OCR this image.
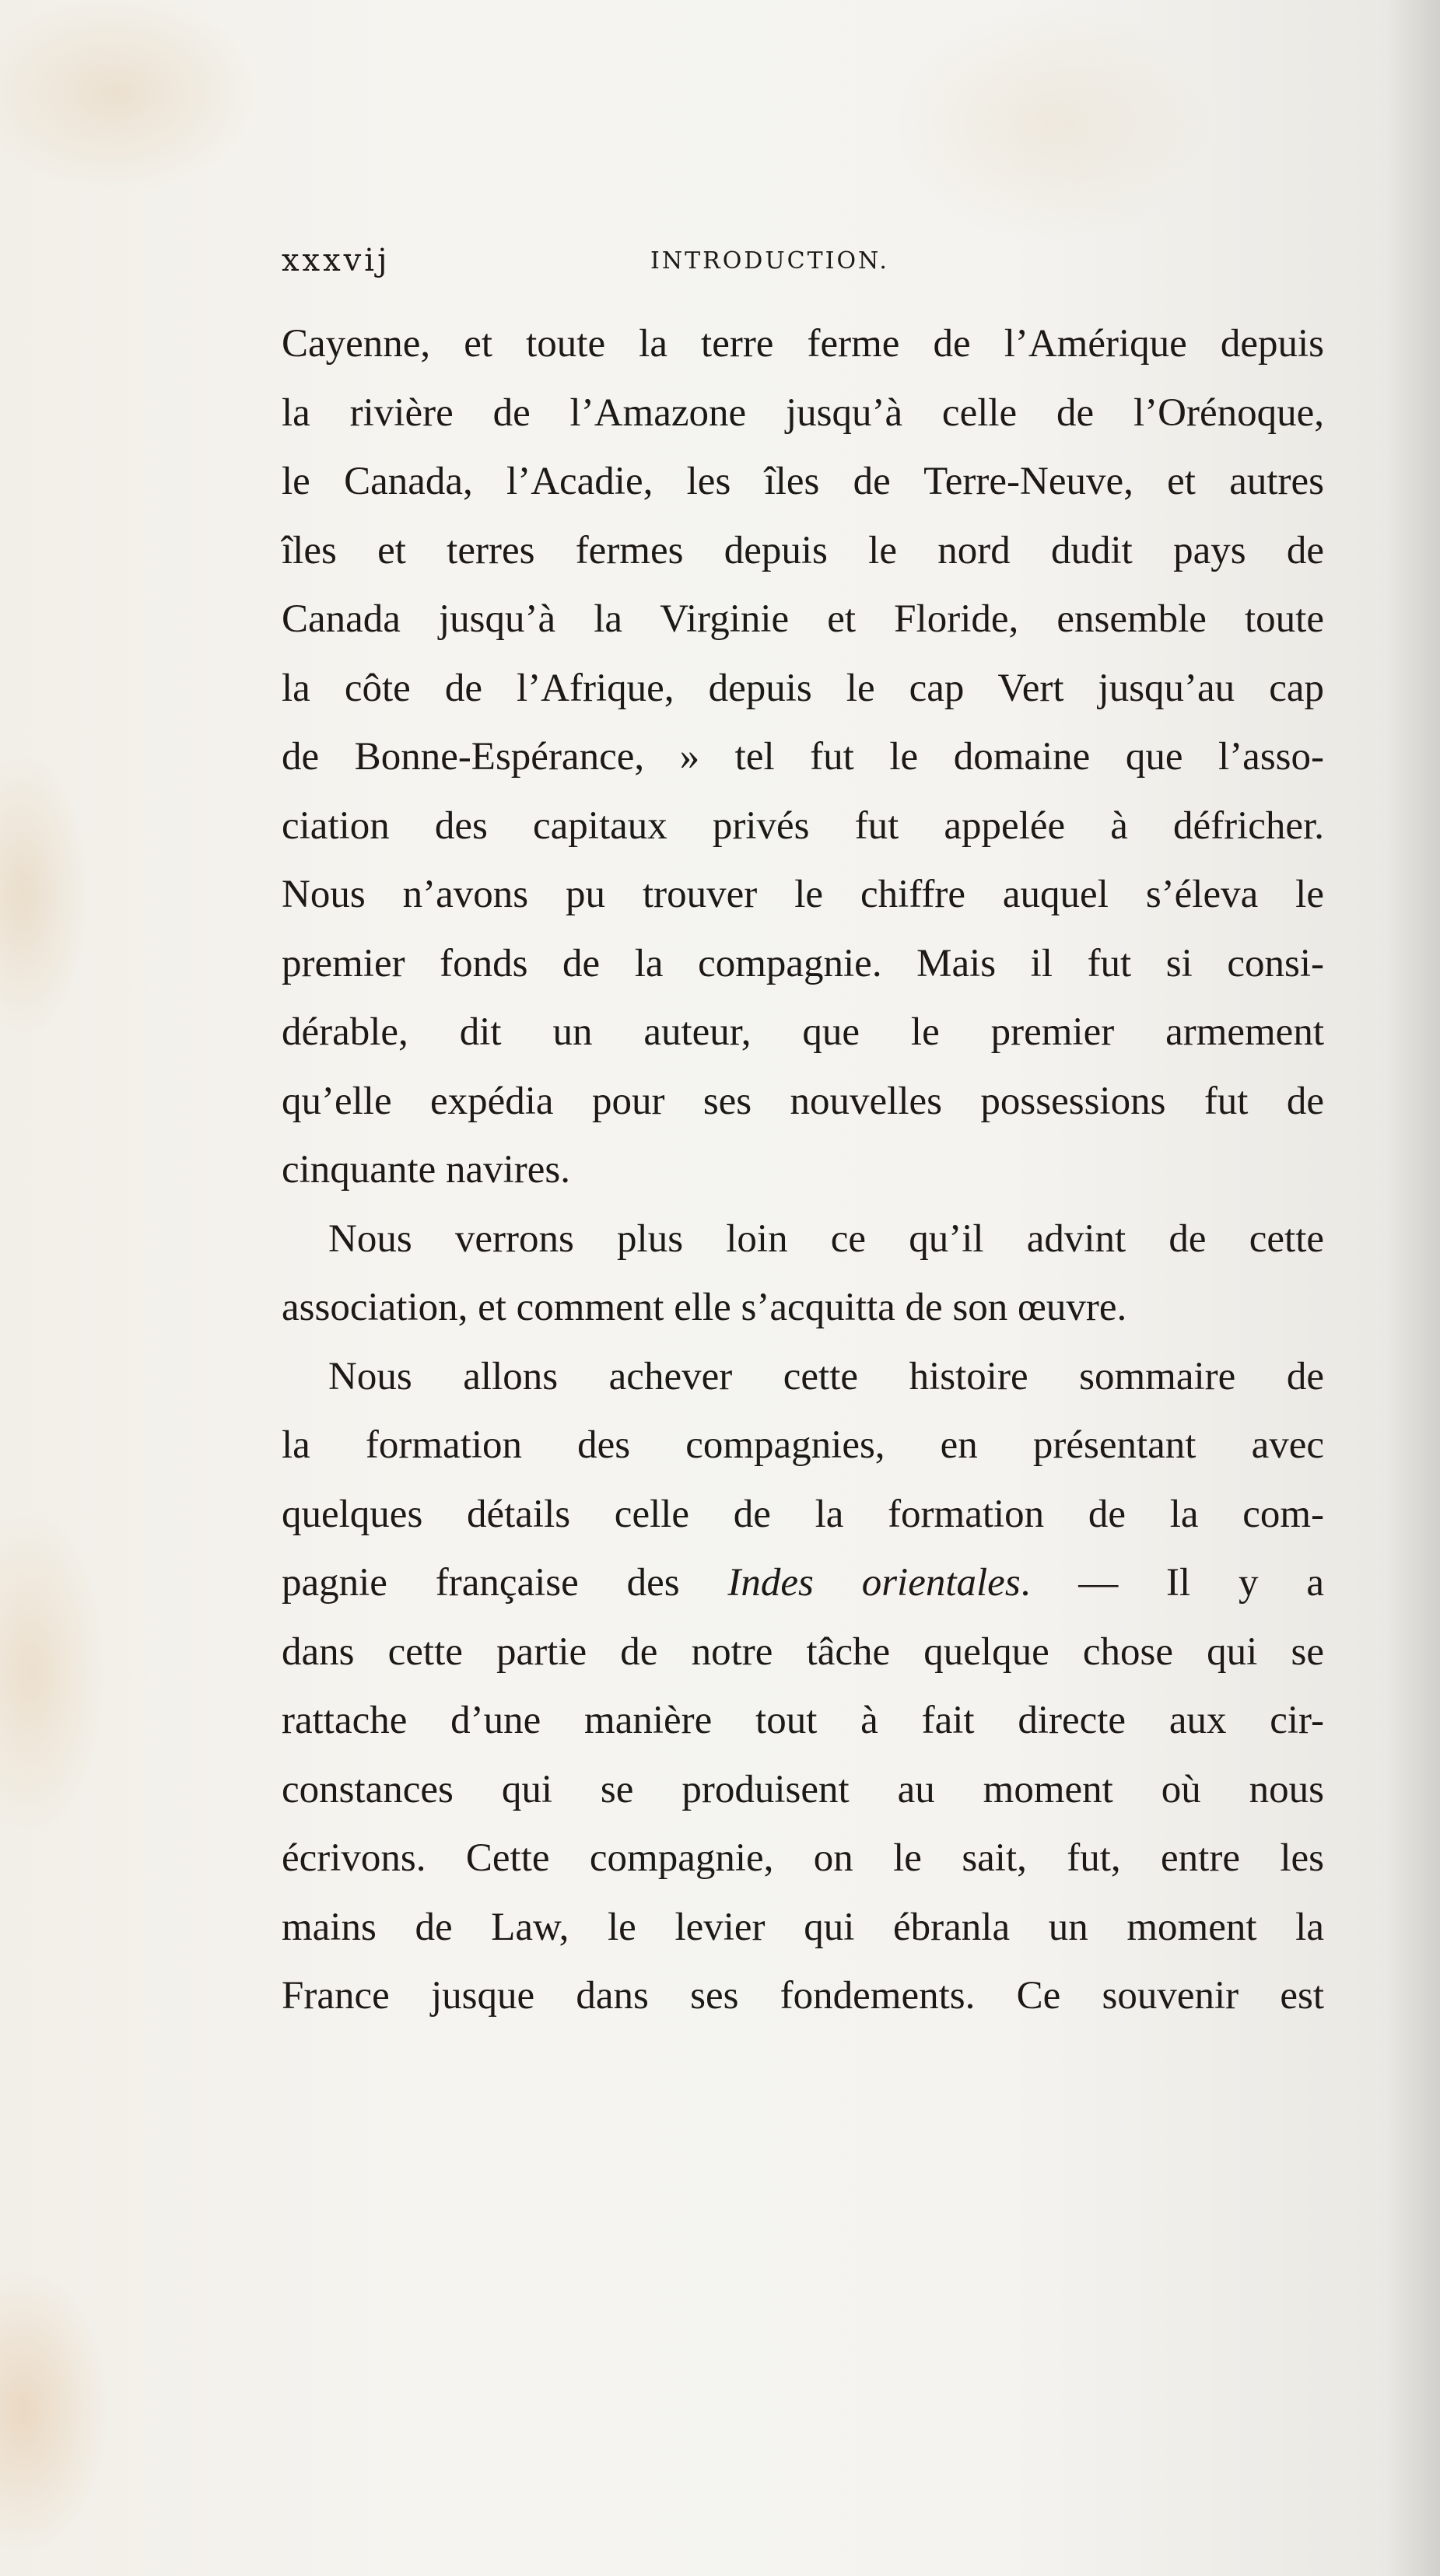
xxxvij	INTRODUCTION.
Cayenne, et toute la terre ferme de l’Amérique depuis
la rivière de l’Amazone jusqu’à celle de l’Orénoque,
le Canada, l’Acadie, les îles de Terre-Neuve, et autres
îles et terres fermes depuis le nord dudit pays de
Canada jusqu’à la Virginie et Floride, ensemble toute
la côte de l’Afrique, depuis le cap Vert jusqu’au cap
de Bonne-Espérance, » tel fut le domaine que l’asso-
ciation des capitaux privés fut appelée à défricher.
Nous n’avons pu trouver le chiffre auquel s’éleva le
premier fonds de la compagnie. Mais il fut si consi-
dérable, dit un auteur, que le premier armement
qu’elle expédia pour ses nouvelles possessions fut de
cinquante navires.
Nous verrons plus loin ce qu’il advint de cette
association, et comment elle s’acquitta de son œuvre.
Nous allons achever cette histoire sommaire de
la formation des compagnies, en présentant avec
quelques détails celle de la formation de la com-
pagnie française des Indes orientales. — Il y a
dans cette partie de notre tâche quelque chose qui se
rattache d’une manière tout à fait directe aux cir-
constances qui se produisent au moment où nous
écrivons. Cette compagnie, on le sait, fut, entre les
mains de Law, le levier qui ébranla un moment la
France jusque dans ses fondements. Ce souvenir est
